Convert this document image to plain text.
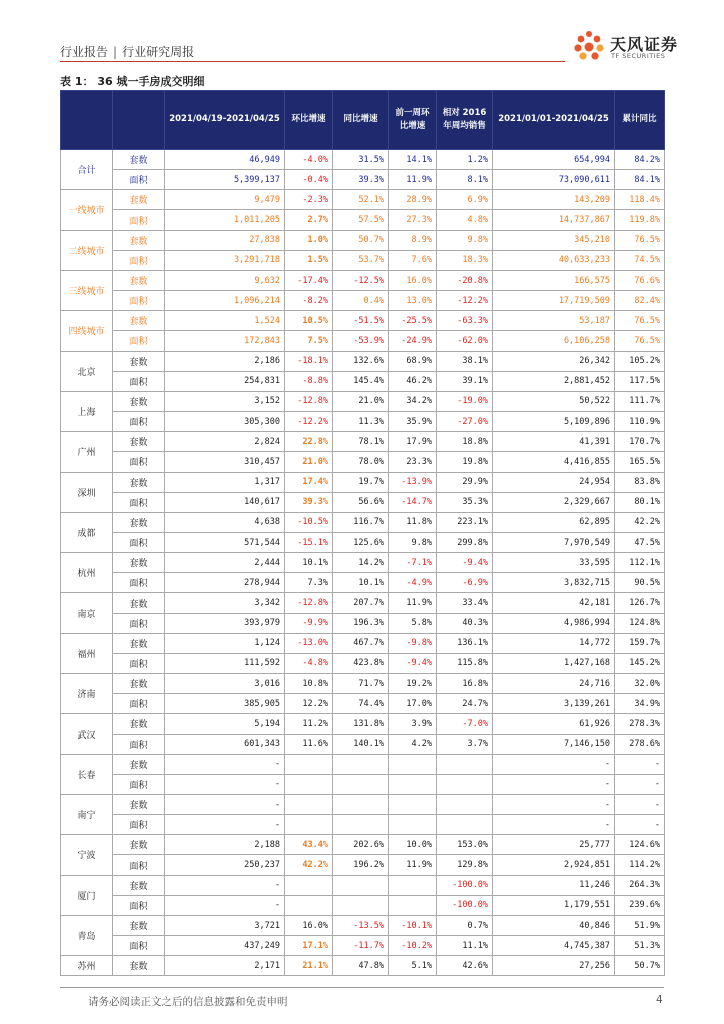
行业报告 | 行业研究周报	天风证券
TF SECURITIES
表 1： 36 城一手房成交明细
		2021/04/19-2021/04/25	环比增速	同比增速	前一周环比增速	相对 2016 年周均销售	2021/01/01-2021/04/25	累计同比
合计	套数	46,949	-4.0%	31.5%	14.1%	1.2%	654,994	84.2%
	面积	5,399,137	-0.4%	39.3%	11.9%	8.1%	73,090,611	84.1%
一线城市	套数	9,479	-2.3%	52.1%	28.9%	6.9%	143,209	118.4%
	面积	1,011,205	2.7%	57.5%	27.3%	4.8%	14,737,867	119.8%
二线城市	套数	27,838	1.0%	50.7%	8.9%	9.8%	345,210	76.5%
	面积	3,291,718	1.5%	53.7%	7.6%	18.3%	40,633,233	74.5%
三线城市	套数	9,632	-17.4%	-12.5%	16.0%	-20.8%	166,575	76.6%
	面积	1,096,214	-8.2%	0.4%	13.0%	-12.2%	17,719,509	82.4%
四线城市	套数	1,524	10.5%	-51.5%	-25.5%	-63.3%	53,187	76.5%
	面积	172,843	7.5%	-53.9%	-24.9%	-62.0%	6,106,258	76.5%
北京	套数	2,186	-18.1%	132.6%	68.9%	38.1%	26,342	105.2%
	面积	254,831	-8.8%	145.4%	46.2%	39.1%	2,881,452	117.5%
上海	套数	3,152	-12.8%	21.0%	34.2%	-19.0%	50,522	111.7%
	面积	305,300	-12.2%	11.3%	35.9%	-27.0%	5,109,896	110.9%
广州	套数	2,824	22.8%	78.1%	17.9%	18.8%	41,391	170.7%
	面积	310,457	21.0%	78.0%	23.3%	19.8%	4,416,855	165.5%
深圳	套数	1,317	17.4%	19.7%	-13.9%	29.9%	24,954	83.8%
	面积	140,617	39.3%	56.6%	-14.7%	35.3%	2,329,667	80.1%
成都	套数	4,638	-10.5%	116.7%	11.8%	223.1%	62,895	42.2%
	面积	571,544	-15.1%	125.6%	9.8%	299.8%	7,970,549	47.5%
杭州	套数	2,444	10.1%	14.2%	-7.1%	-9.4%	33,595	112.1%
	面积	278,944	7.3%	10.1%	-4.9%	-6.9%	3,832,715	90.5%
南京	套数	3,342	-12.8%	207.7%	11.9%	33.4%	42,181	126.7%
	面积	393,979	-9.9%	196.3%	5.8%	40.3%	4,986,994	124.8%
福州	套数	1,124	-13.0%	467.7%	-9.8%	136.1%	14,772	159.7%
	面积	111,592	-4.8%	423.8%	-9.4%	115.8%	1,427,168	145.2%
济南	套数	3,016	10.8%	71.7%	19.2%	16.8%	24,716	32.0%
	面积	385,905	12.2%	74.4%	17.0%	24.7%	3,139,261	34.9%
武汉	套数	5,194	11.2%	131.8%	3.9%	-7.0%	61,926	278.3%
	面积	601,343	11.6%	140.1%	4.2%	3.7%	7,146,150	278.6%
长春	套数	-					-	-
	面积	-					-	-
南宁	套数	-					-	-
	面积	-					-	-
宁波	套数	2,188	43.4%	202.6%	10.0%	153.0%	25,777	124.6%
	面积	250,237	42.2%	196.2%	11.9%	129.8%	2,924,851	114.2%
厦门	套数	-				-100.0%	11,246	264.3%
	面积	-				-100.0%	1,179,551	239.6%
青岛	套数	3,721	16.0%	-13.5%	-10.1%	0.7%	40,846	51.9%
	面积	437,249	17.1%	-11.7%	-10.2%	11.1%	4,745,387	51.3%
苏州	套数	2,171	21.1%	47.8%	5.1%	42.6%	27,256	50.7%
请务必阅读正文之后的信息披露和免责申明	4
